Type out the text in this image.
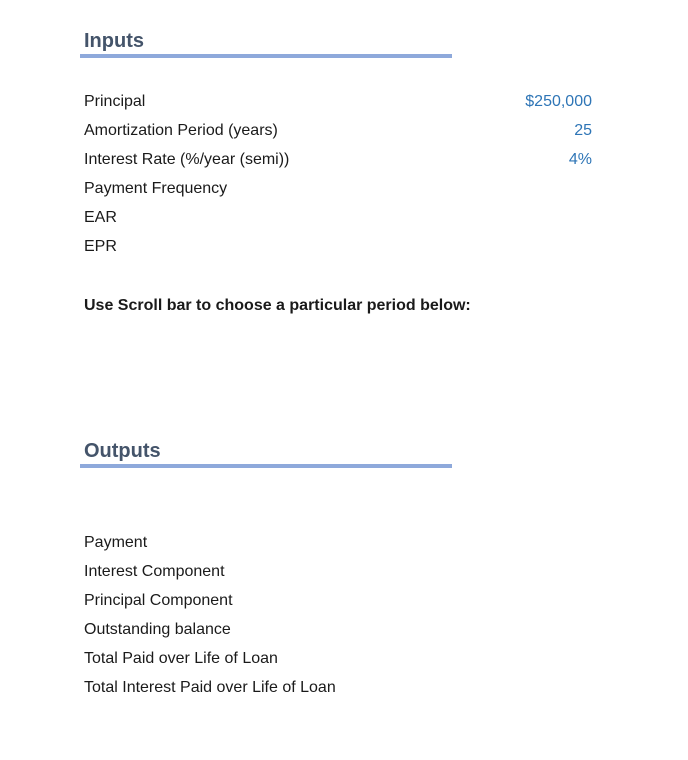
Inputs
Principal	$250,000
Amortization Period (years)	25
Interest Rate (%/year (semi))	4%
Payment Frequency
EAR
EPR
Use Scroll bar to choose a particular period below:
Outputs
Payment
Interest Component
Principal Component
Outstanding balance
Total Paid over Life of Loan
Total Interest Paid over Life of Loan
